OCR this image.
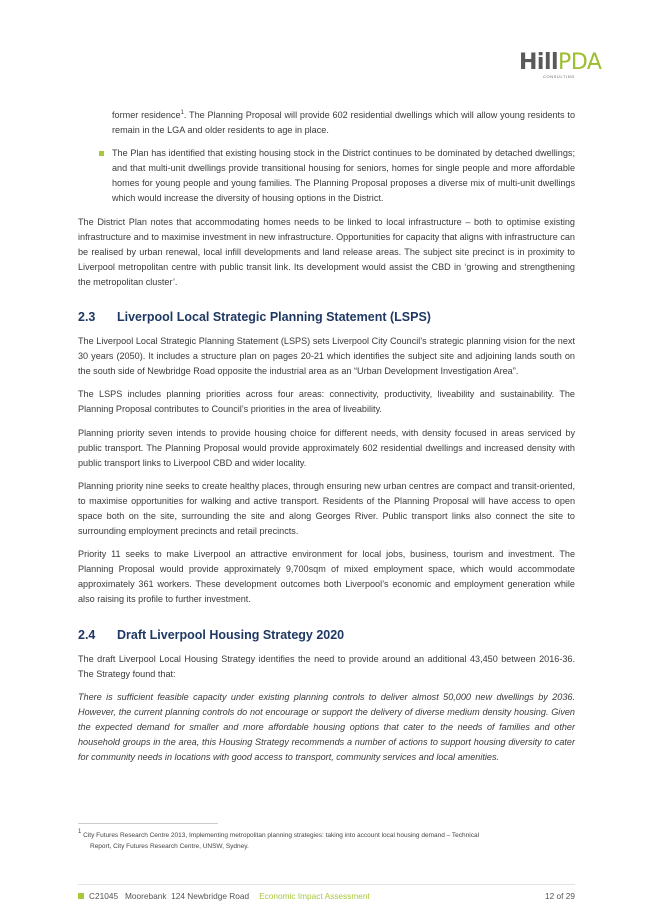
HillPDA
CONSULTING

former residence$^1$. The Planning Proposal will provide 602 residential dwellings which will allow young residents to remain in the LGA and older residents to age in place.

The Plan has identified that existing housing stock in the District continues to be dominated by detached dwellings; and that multi-unit dwellings provide transitional housing for seniors, homes for single people and more affordable homes for young people and young families. The Planning Proposal proposes a diverse mix of multi-unit dwellings which would increase the diversity of housing options in the District.

The District Plan notes that accommodating homes needs to be linked to local infrastructure – both to optimise existing infrastructure and to maximise investment in new infrastructure. Opportunities for capacity that aligns with infrastructure can be realised by urban renewal, local infill developments and land release areas. The subject site precinct is in proximity to Liverpool metropolitan centre with public transit link. Its development would assist the CBD in ‘growing and strengthening the metropolitan cluster’.

2.3 Liverpool Local Strategic Planning Statement (LSPS)

The Liverpool Local Strategic Planning Statement (LSPS) sets Liverpool City Council’s strategic planning vision for the next 30 years (2050). It includes a structure plan on pages 20-21 which identifies the subject site and adjoining lands south on the south side of Newbridge Road opposite the industrial area as an “Urban Development Investigation Area”.

The LSPS includes planning priorities across four areas: connectivity, productivity, liveability and sustainability. The Planning Proposal contributes to Council’s priorities in the area of liveability.

Planning priority seven intends to provide housing choice for different needs, with density focused in areas serviced by public transport. The Planning Proposal would provide approximately 602 residential dwellings and increased density with public transport links to Liverpool CBD and wider locality.

Planning priority nine seeks to create healthy places, through ensuring new urban centres are compact and transit-oriented, to maximise opportunities for walking and active transport. Residents of the Planning Proposal will have access to open space both on the site, surrounding the site and along Georges River. Public transport links also connect the site to surrounding employment precincts and retail precincts.

Priority 11 seeks to make Liverpool an attractive environment for local jobs, business, tourism and investment. The Planning Proposal would provide approximately 9,700sqm of mixed employment space, which would accommodate approximately 361 workers. These development outcomes both Liverpool’s economic and employment generation while also raising its profile to further investment.

2.4 Draft Liverpool Housing Strategy 2020

The draft Liverpool Local Housing Strategy identifies the need to provide around an additional 43,450 between 2016-36. The Strategy found that:

There is sufficient feasible capacity under existing planning controls to deliver almost 50,000 new dwellings by 2036. However, the current planning controls do not encourage or support the delivery of diverse medium density housing. Given the expected demand for smaller and more affordable housing options that cater to the needs of families and other household groups in the area, this Housing Strategy recommends a number of actions to support housing diversity to cater for community needs in locations with good access to transport, community services and local amenities.

$^1$ City Futures Research Centre 2013, Implementing metropolitan planning strategies: taking into account local housing demand – Technical
Report, City Futures Research Centre, UNSW, Sydney.
C21045 Moorebank 124 Newbridge Road Economic Impact Assessment	12 of 29
